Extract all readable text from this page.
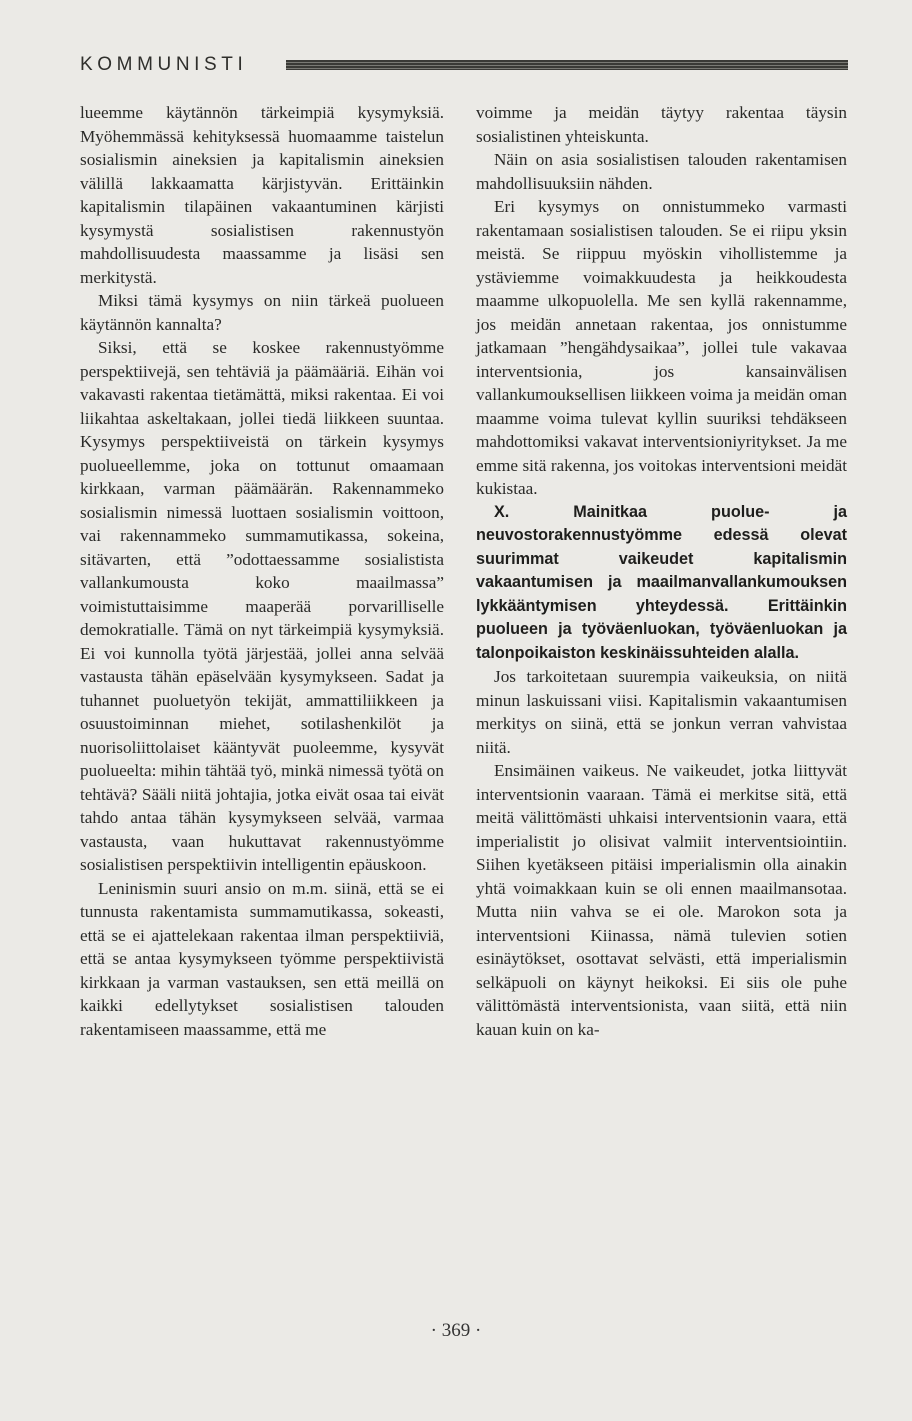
KOMMUNISTI

lueemme käytännön tärkeimpiä kysymyksiä. Myöhemmässä kehityksessä huomaamme taistelun sosialismin aineksien ja kapitalismin aineksien välillä lakkaamatta kärjistyvän. Erittäinkin kapitalismin tilapäinen vakaantuminen kärjisti kysymystä sosialistisen rakennustyön mahdollisuudesta maassamme ja lisäsi sen merkitystä.

Miksi tämä kysymys on niin tärkeä puolueen käytännön kannalta?

Siksi, että se koskee rakennustyömme perspektiivejä, sen tehtäviä ja päämääriä. Eihän voi vakavasti rakentaa tietämättä, miksi rakentaa. Ei voi liikahtaa askeltakaan, jollei tiedä liikkeen suuntaa. Kysymys perspektiiveistä on tärkein kysymys puolueellemme, joka on tottunut omaamaan kirkkaan, varman päämäärän. Rakennammeko sosialismin nimessä luottaen sosialismin voittoon, vai rakennammeko summamutikassa, sokeina, sitävarten, että ”odottaessamme sosialistista vallankumousta koko maailmassa” voimistuttaisimme maaperää porvarilliselle demokratialle. Tämä on nyt tärkeimpiä kysymyksiä. Ei voi kunnolla työtä järjestää, jollei anna selvää vastausta tähän epäselvään kysymykseen. Sadat ja tuhannet puoluetyön tekijät, ammattiliikkeen ja osuustoiminnan miehet, sotilashenkilöt ja nuorisoliittolaiset kääntyvät puoleemme, kysyvät puolueelta: mihin tähtää työ, minkä nimessä työtä on tehtävä? Sääli niitä johtajia, jotka eivät osaa tai eivät tahdo antaa tähän kysymykseen selvää, varmaa vastausta, vaan hukuttavat rakennustyömme sosialistisen perspektiivin intelligentin epäuskoon.

Leninismin suuri ansio on m.m. siinä, että se ei tunnusta rakentamista summamutikassa, sokeasti, että se ei ajattelekaan rakentaa ilman perspektiiviä, että se antaa kysymykseen työmme perspektiivistä kirkkaan ja varman vastauksen, sen että meillä on kaikki edellytykset sosialistisen talouden rakentamiseen maassamme, että me

voimme ja meidän täytyy rakentaa täysin sosialistinen yhteiskunta.

Näin on asia sosialistisen talouden rakentamisen mahdollisuuksiin nähden.

Eri kysymys on onnistummeko varmasti rakentamaan sosialistisen talouden. Se ei riipu yksin meistä. Se riippuu myöskin vihollistemme ja ystäviemme voimakkuudesta ja heikkoudesta maamme ulkopuolella. Me sen kyllä rakennamme, jos meidän annetaan rakentaa, jos onnistumme jatkamaan ”hengähdysaikaa”, jollei tule vakavaa interventsionia, jos kansainvälisen vallankumouksellisen liikkeen voima ja meidän oman maamme voima tulevat kyllin suuriksi tehdäkseen mahdottomiksi vakavat interventsioniyritykset. Ja me emme sitä rakenna, jos voitokas interventsioni meidät kukistaa.

X. Mainitkaa puolue- ja neuvostorakennustyömme edessä olevat suurimmat vaikeudet kapitalismin vakaantumisen ja maailmanvallankumouksen lykkääntymisen yhteydessä. Erittäinkin puolueen ja työväenluokan, työväenluokan ja talonpoikaiston keskinäissuhteiden alalla.

Jos tarkoitetaan suurempia vaikeuksia, on niitä minun laskuissani viisi. Kapitalismin vakaantumisen merkitys on siinä, että se jonkun verran vahvistaa niitä.

Ensimäinen vaikeus. Ne vaikeudet, jotka liittyvät interventsionin vaaraan. Tämä ei merkitse sitä, että meitä välittömästi uhkaisi interventsionin vaara, että imperialistit jo olisivat valmiit interventsiointiin. Siihen kyetäkseen pitäisi imperialismin olla ainakin yhtä voimakkaan kuin se oli ennen maailmansotaa. Mutta niin vahva se ei ole. Marokon sota ja interventsioni Kiinassa, nämä tulevien sotien esinäytökset, osottavat selvästi, että imperialismin selkäpuoli on käynyt heikoksi. Ei siis ole puhe välittömästä interventsionista, vaan siitä, että niin kauan kuin on ka-

· 369 ·
